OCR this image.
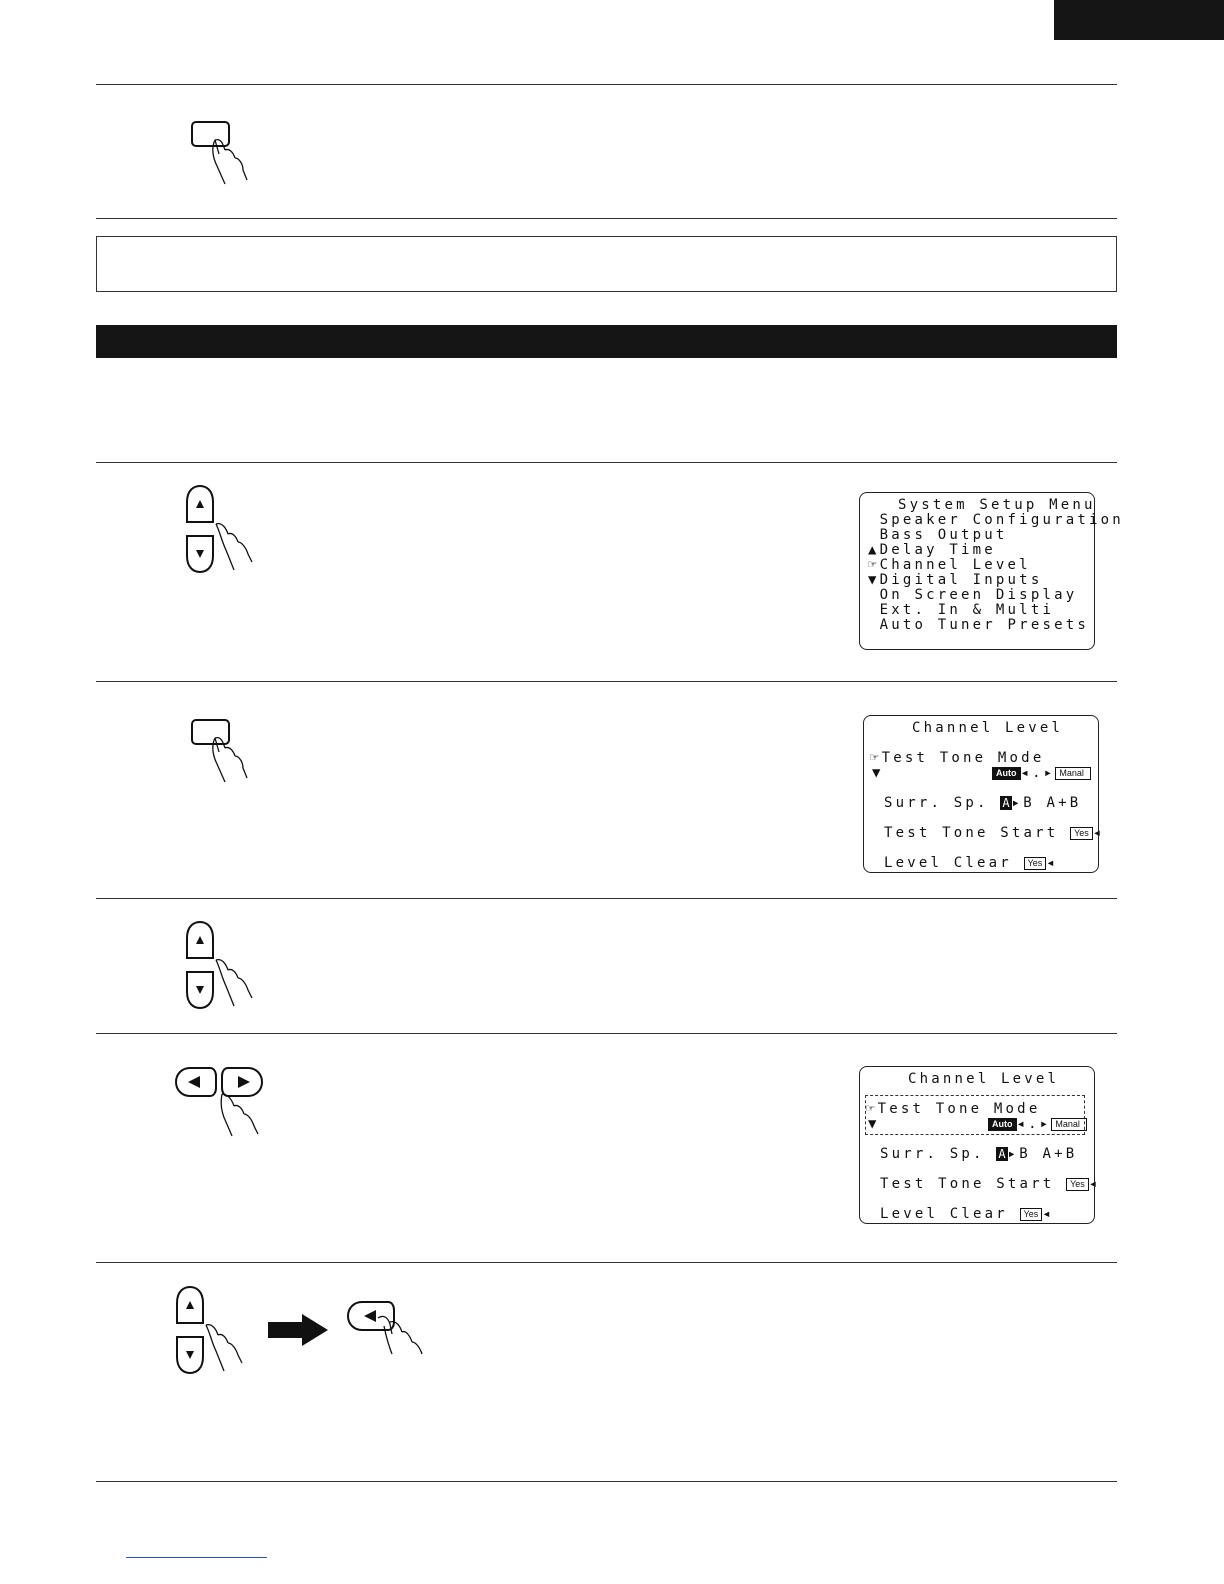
System Setup Menu
Speaker Configuration
Bass Output
▲Delay Time
☞Channel Level
▼Digital Inputs
On Screen Display
Ext. In & Multi
Auto Tuner Presets
Channel Level
☞Test Tone Mode
▼	Auto ◂.▸ Manal
Surr. Sp. A ▸B A+B
Test Tone Start Yes ◂
Level Clear Yes ◂
Channel Level
☞Test Tone Mode
▼	Auto ◂.▸ Manal
Surr. Sp. A ▸B A+B
Test Tone Start Yes ◂
Level Clear Yes ◂
